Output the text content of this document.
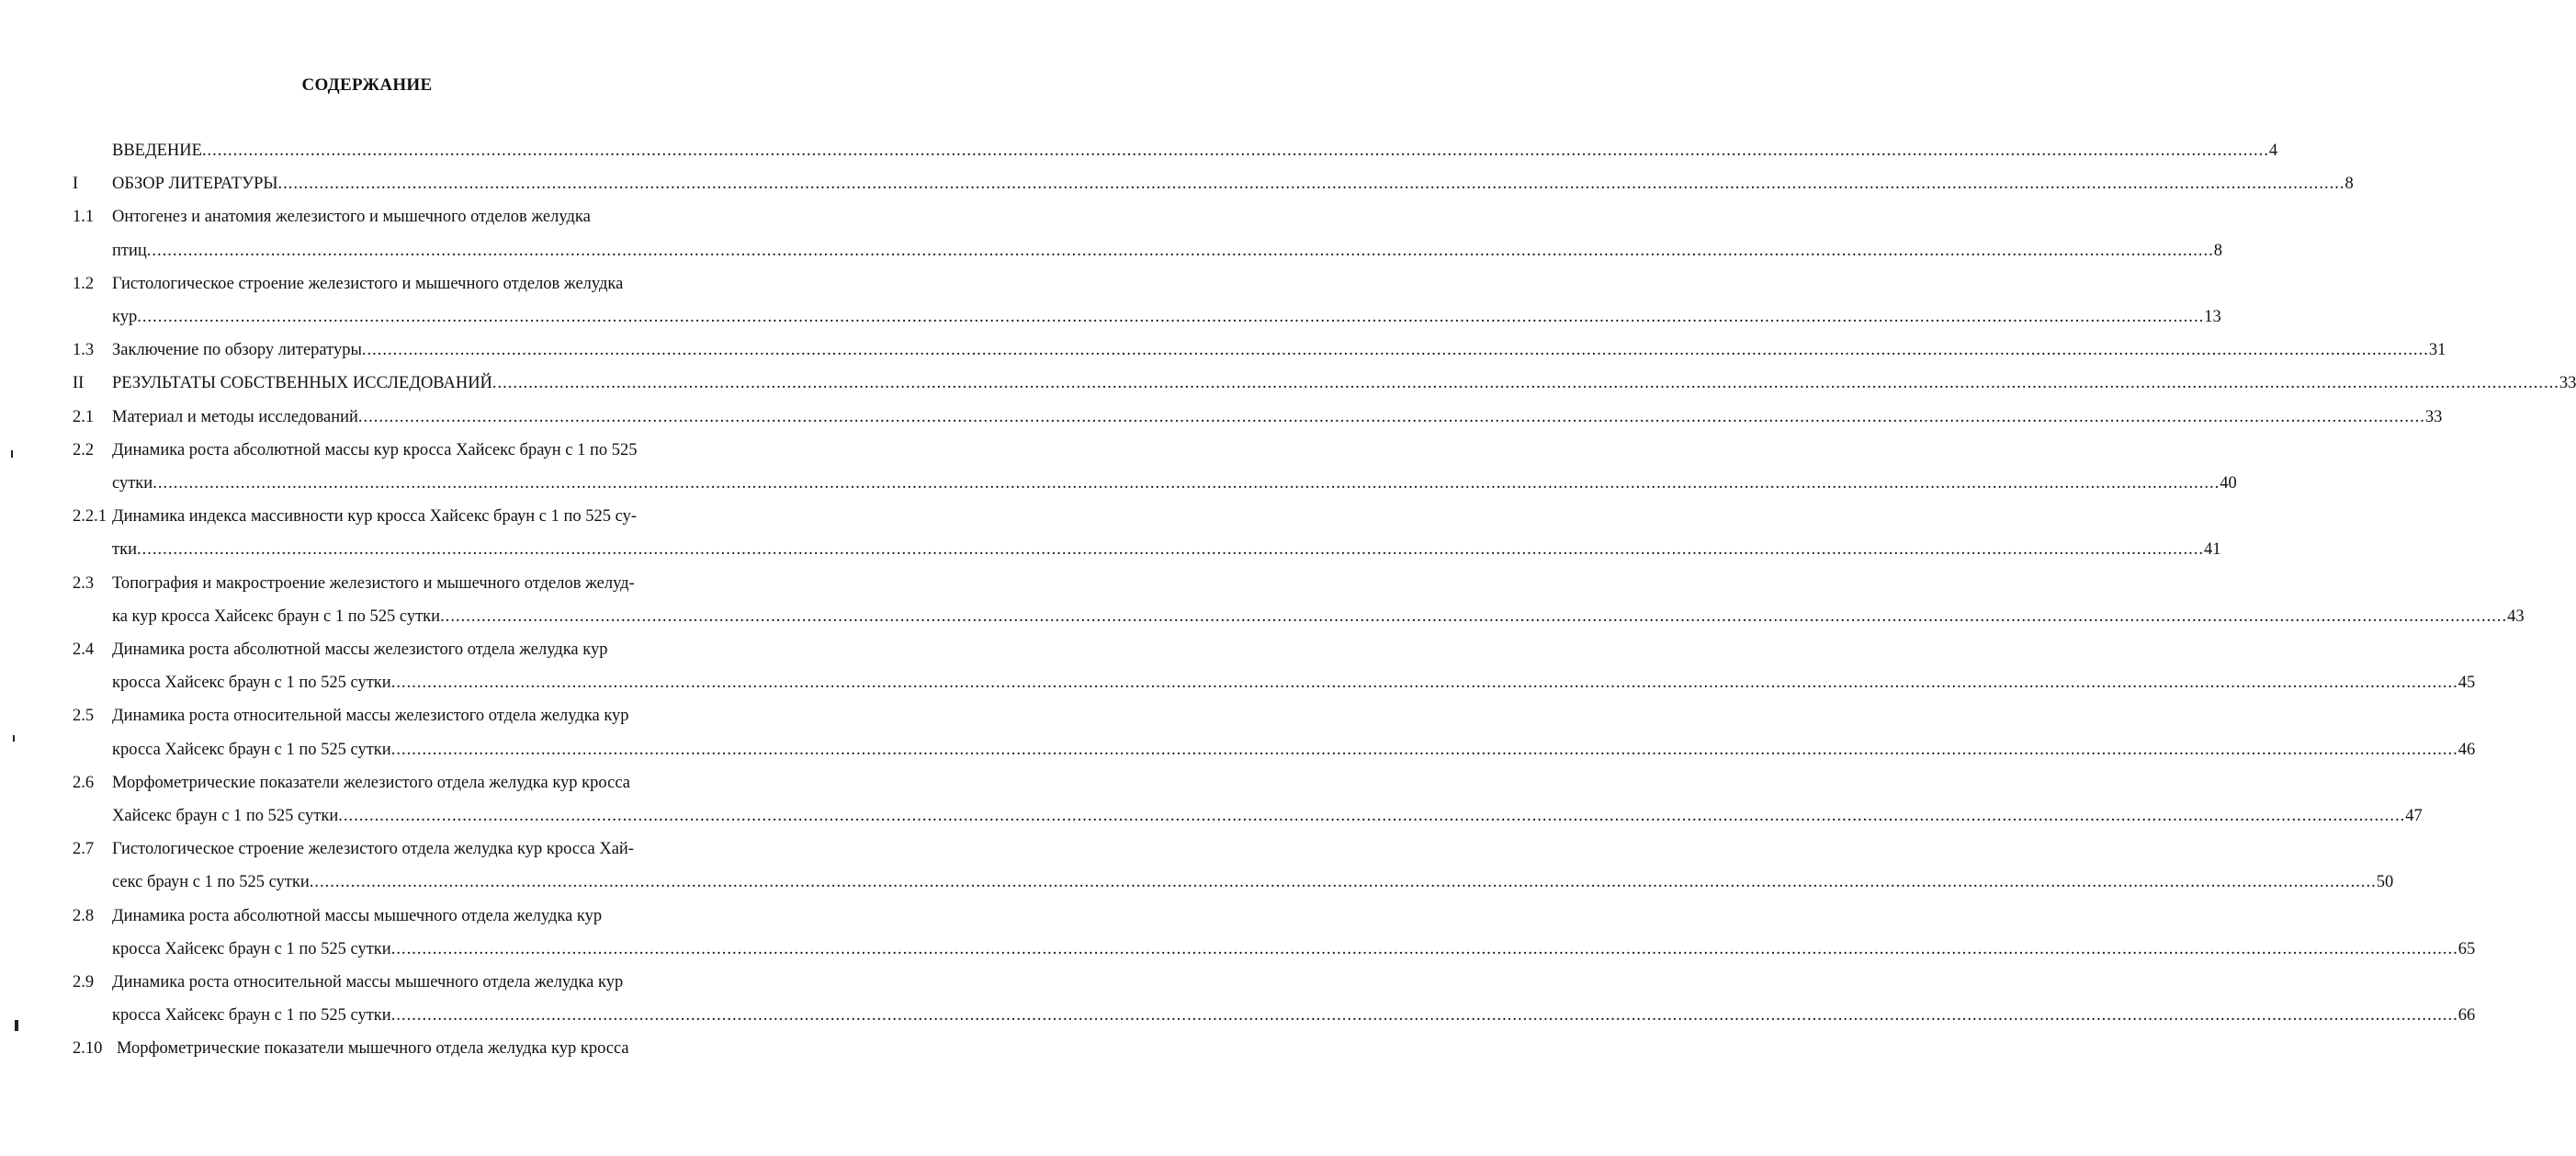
СОДЕРЖАНИЕ
ВВЕДЕНИЕ ................................................................................................................................................................................................................................................................................................................................................................................................................ 4
I ОБЗОР ЛИТЕРАТУРЫ ................................................................................................................................................................................................................................................................................................................................................................................................................ 8
1.1 Онтогенез и анатомия железистого и мышечного отделов желудка
птиц ................................................................................................................................................................................................................................................................................................................................................................................................................ 8
1.2 Гистологическое строение железистого и мышечного отделов желудка
кур ................................................................................................................................................................................................................................................................................................................................................................................................................ 13
1.3 Заключение по обзору литературы ................................................................................................................................................................................................................................................................................................................................................................................................................ 31
II РЕЗУЛЬТАТЫ СОБСТВЕННЫХ ИССЛЕДОВАНИЙ ................................................................................................................................................................................................................................................................................................................................................................................................................ 33
2.1 Материал и методы исследований ................................................................................................................................................................................................................................................................................................................................................................................................................ 33
2.2 Динамика роста абсолютной массы кур кросса Хайсекс браун с 1 по 525
сутки ................................................................................................................................................................................................................................................................................................................................................................................................................ 40
2.2.1 Динамика индекса массивности кур кросса Хайсекс браун с 1 по 525 су-
тки ................................................................................................................................................................................................................................................................................................................................................................................................................ 41
2.3 Топография и макростроение железистого и мышечного отделов желуд-
ка кур кросса Хайсекс браун с 1 по 525 сутки ................................................................................................................................................................................................................................................................................................................................................................................................................ 43
2.4 Динамика роста абсолютной массы железистого отдела желудка кур
кросса Хайсекс браун с 1 по 525 сутки ................................................................................................................................................................................................................................................................................................................................................................................................................ 45
2.5 Динамика роста относительной массы железистого отдела желудка кур
кросса Хайсекс браун с 1 по 525 сутки ................................................................................................................................................................................................................................................................................................................................................................................................................ 46
2.6 Морфометрические показатели железистого отдела желудка кур кросса
Хайсекс браун с 1 по 525 сутки ................................................................................................................................................................................................................................................................................................................................................................................................................ 47
2.7 Гистологическое строение железистого отдела желудка кур кросса Хай-
секс браун с 1 по 525 сутки ................................................................................................................................................................................................................................................................................................................................................................................................................ 50
2.8 Динамика роста абсолютной массы мышечного отдела желудка кур
кросса Хайсекс браун с 1 по 525 сутки ................................................................................................................................................................................................................................................................................................................................................................................................................ 65
2.9 Динамика роста относительной массы мышечного отдела желудка кур
кросса Хайсекс браун с 1 по 525 сутки ................................................................................................................................................................................................................................................................................................................................................................................................................ 66
2.10 Морфометрические показатели мышечного отдела желудка кур кросса
